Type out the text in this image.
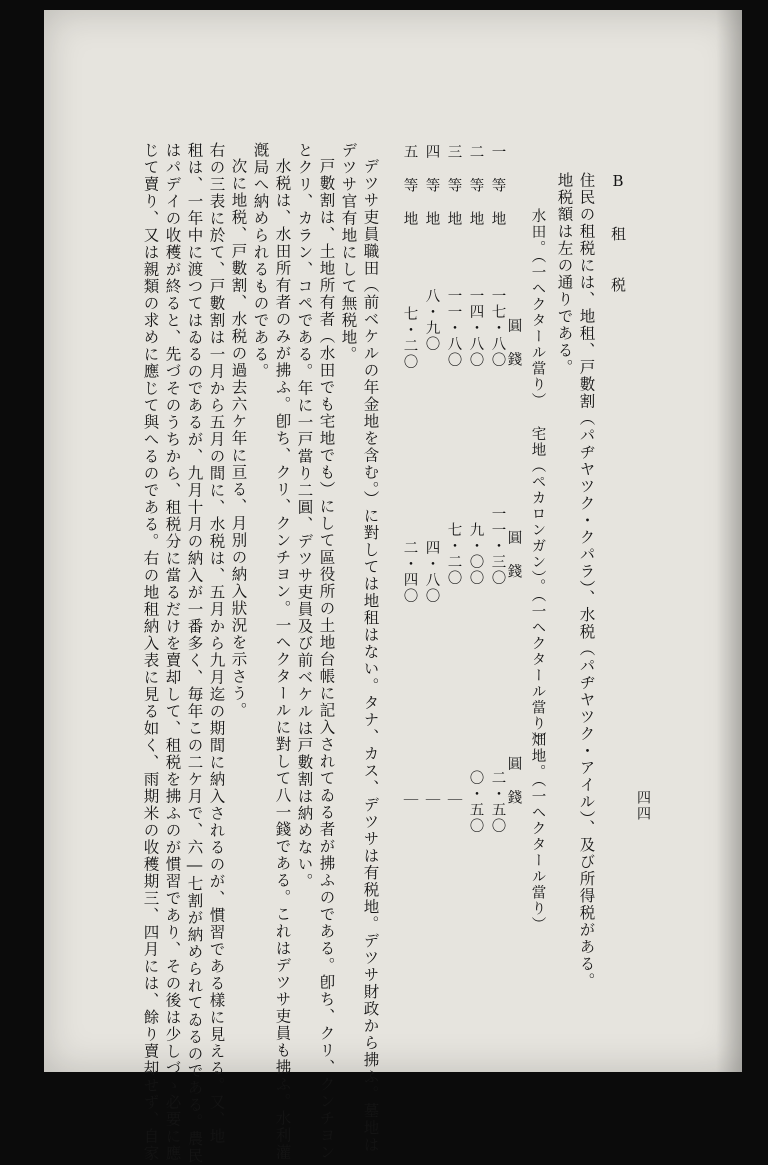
四四
B 租 税
住民の租税には、地租、戸數割（パヂヤツク・クパラ）、水税（パヂヤツク・アイル）、及び所得税がある。
地税額は左の通りである。
水田。（一ヘクタール當り）
宅地（ペカロンガン）。（一ヘクタール當り）
畑地。（一ヘクタール當り）
圓 錢
圓 錢
圓 錢
一 等 地
一七・八〇
一一・三〇
二・五〇
二 等 地
一四・八〇
九・〇〇
〇・五〇
三 等 地
一一・八〇
七・二〇
｜
四 等 地
八・九〇
四・八〇
｜
五 等 地
七・二〇
二・四〇
｜
デツサ吏員職田（前ベケルの年金地を含む。）に對しては地租はない。タナ、カス、デツサは有税地。デツサ財政から拂ふ。墓地は
デツサ官有地にして無税地。
戸數割は、土地所有者（水田でも宅地でも）にして區役所の土地台帳に記入されてゐる者が拂ふのである。卽ち、クリ、クンチヨン
とクリ、カラン、コペである。年に一戸當り二圓、デツサ吏員及び前ベケルは戸數割は納めない。
水税は、水田所有者のみが拂ふ。卽ち、クリ、クンチヨン。一ヘクタールに對して八一錢である。これはデツサ吏員も拂ふ。水利灌
漑局へ納められるものである。
次に地税、戸數割、水税の過去六ケ年に亘る、月別の納入狀況を示さう。
右の三表に於て、戸數割は一月から五月の間に、水税は、五月から九月迄の期間に納入されるのが、慣習である樣に見える。又、地
租は、一年中に渡つてはゐるのであるが、九月十月の納入が一番多く、毎年この二ケ月で、六―七割が納められてゐるのである。農民
はパデイの收穫が終ると、先づそのうちから、租税分に當るだけを賣却して、租税を拂ふのが慣習であり、その後は少しづゝ必要に應
じて賣り、又は親類の求めに應じて與へるのである。右の地租納入表に見る如く、雨期米の收穫期三、四月には、餘り賣却せず、自家
